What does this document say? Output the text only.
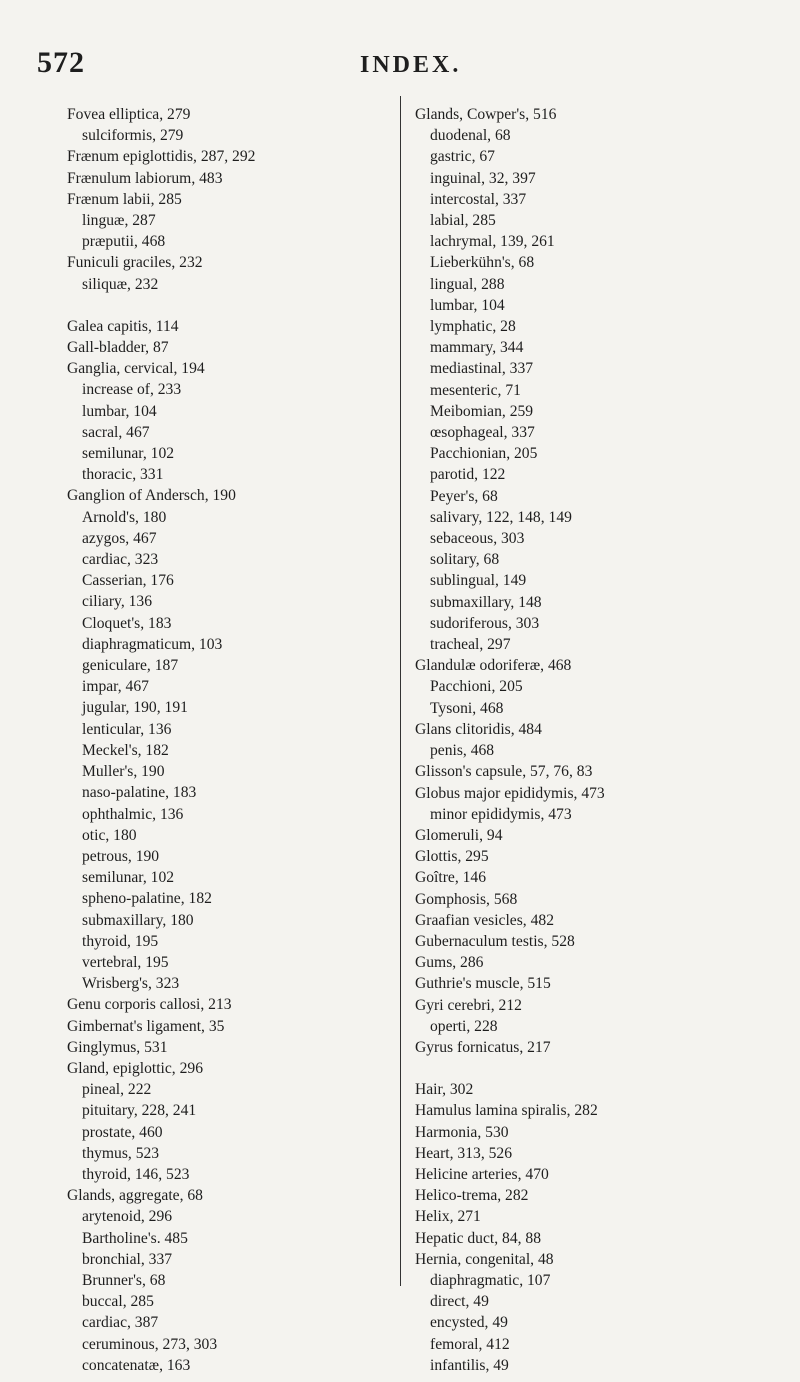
572	INDEX.
Fovea elliptica, 279
sulciformis, 279
Frænum epiglottidis, 287, 292
Frænulum labiorum, 483
Frænum labii, 285
linguæ, 287
præputii, 468
Funiculi graciles, 232
siliquæ, 232
Galea capitis, 114
Gall-bladder, 87
Ganglia, cervical, 194
increase of, 233
lumbar, 104
sacral, 467
semilunar, 102
thoracic, 331
Ganglion of Andersch, 190
Arnold's, 180
azygos, 467
cardiac, 323
Casserian, 176
ciliary, 136
Cloquet's, 183
diaphragmaticum, 103
geniculare, 187
impar, 467
jugular, 190, 191
lenticular, 136
Meckel's, 182
Muller's, 190
naso-palatine, 183
ophthalmic, 136
otic, 180
petrous, 190
semilunar, 102
spheno-palatine, 182
submaxillary, 180
thyroid, 195
vertebral, 195
Wrisberg's, 323
Genu corporis callosi, 213
Gimbernat's ligament, 35
Ginglymus, 531
Gland, epiglottic, 296
pineal, 222
pituitary, 228, 241
prostate, 460
thymus, 523
thyroid, 146, 523
Glands, aggregate, 68
arytenoid, 296
Bartholine's. 485
bronchial, 337
Brunner's, 68
buccal, 285
cardiac, 387
ceruminous, 273, 303
concatenatæ, 163
Glands, Cowper's, 516
duodenal, 68
gastric, 67
inguinal, 32, 397
intercostal, 337
labial, 285
lachrymal, 139, 261
Lieberkühn's, 68
lingual, 288
lumbar, 104
lymphatic, 28
mammary, 344
mediastinal, 337
mesenteric, 71
Meibomian, 259
œsophageal, 337
Pacchionian, 205
parotid, 122
Peyer's, 68
salivary, 122, 148, 149
sebaceous, 303
solitary, 68
sublingual, 149
submaxillary, 148
sudoriferous, 303
tracheal, 297
Glandulæ odoriferæ, 468
Pacchioni, 205
Tysoni, 468
Glans clitoridis, 484
penis, 468
Glisson's capsule, 57, 76, 83
Globus major epididymis, 473
minor epididymis, 473
Glomeruli, 94
Glottis, 295
Goître, 146
Gomphosis, 568
Graafian vesicles, 482
Gubernaculum testis, 528
Gums, 286
Guthrie's muscle, 515
Gyri cerebri, 212
operti, 228
Gyrus fornicatus, 217
Hair, 302
Hamulus lamina spiralis, 282
Harmonia, 530
Heart, 313, 526
Helicine arteries, 470
Helico-trema, 282
Helix, 271
Hepatic duct, 84, 88
Hernia, congenital, 48
diaphragmatic, 107
direct, 49
encysted, 49
femoral, 412
infantilis, 49
